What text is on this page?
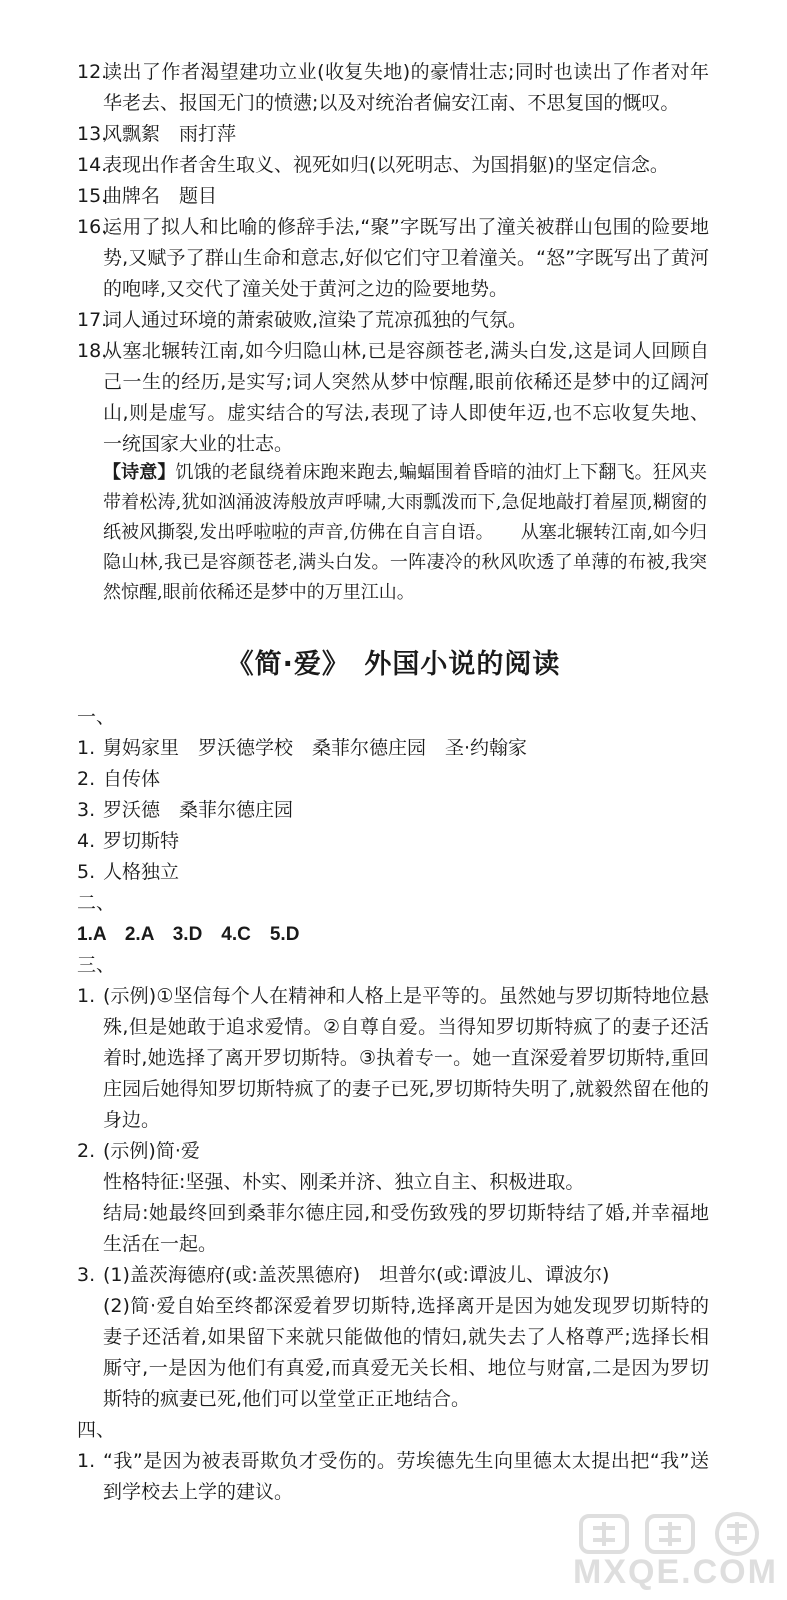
12.
读出了作者渴望建功立业(收复失地)的豪情壮志;同时也读出了作者对年华老去、报国无门的愤懑;以及对统治者偏安江南、不思复国的慨叹。
13.
风飘絮　雨打萍
14.
表现出作者舍生取义、视死如归(以死明志、为国捐躯)的坚定信念。
15.
曲牌名　题目
16.
运用了拟人和比喻的修辞手法,“聚”字既写出了潼关被群山包围的险要地势,又赋予了群山生命和意志,好似它们守卫着潼关。“怒”字既写出了黄河的咆哮,又交代了潼关处于黄河之边的险要地势。
17.
词人通过环境的萧索破败,渲染了荒凉孤独的气氛。
18.
从塞北辗转江南,如今归隐山林,已是容颜苍老,满头白发,这是词人回顾自己一生的经历,是实写;词人突然从梦中惊醒,眼前依稀还是梦中的辽阔河山,则是虚写。虚实结合的写法,表现了诗人即使年迈,也不忘收复失地、一统国家大业的壮志。
【诗意】饥饿的老鼠绕着床跑来跑去,蝙蝠围着昏暗的油灯上下翻飞。狂风夹带着松涛,犹如汹涌波涛般放声呼啸,大雨瓢泼而下,急促地敲打着屋顶,糊窗的纸被风撕裂,发出呼啦啦的声音,仿佛在自言自语。　　从塞北辗转江南,如今归隐山林,我已是容颜苍老,满头白发。一阵凄冷的秋风吹透了单薄的布被,我突然惊醒,眼前依稀还是梦中的万里江山。
《简·爱》　外国小说的阅读
一、
1. 舅妈家里　罗沃德学校　桑菲尔德庄园　圣·约翰家
2. 自传体
3. 罗沃德　桑菲尔德庄园
4. 罗切斯特
5. 人格独立
二、
1.A　2.A　3.D　4.C　5.D
三、
1. (示例)①坚信每个人在精神和人格上是平等的。虽然她与罗切斯特地位悬殊,但是她敢于追求爱情。②自尊自爱。当得知罗切斯特疯了的妻子还活着时,她选择了离开罗切斯特。③执着专一。她一直深爱着罗切斯特,重回庄园后她得知罗切斯特疯了的妻子已死,罗切斯特失明了,就毅然留在他的身边。
2. (示例)简·爱
性格特征:坚强、朴实、刚柔并济、独立自主、积极进取。
结局:她最终回到桑菲尔德庄园,和受伤致残的罗切斯特结了婚,并幸福地生活在一起。
3. (1)盖茨海德府(或:盖茨黑德府)　坦普尔(或:谭波儿、谭波尔)
(2)简·爱自始至终都深爱着罗切斯特,选择离开是因为她发现罗切斯特的妻子还活着,如果留下来就只能做他的情妇,就失去了人格尊严;选择长相厮守,一是因为他们有真爱,而真爱无关长相、地位与财富,二是因为罗切斯特的疯妻已死,他们可以堂堂正正地结合。
四、
1. “我”是因为被表哥欺负才受伤的。劳埃德先生向里德太太提出把“我”送到学校去上学的建议。
MXQE.COM
